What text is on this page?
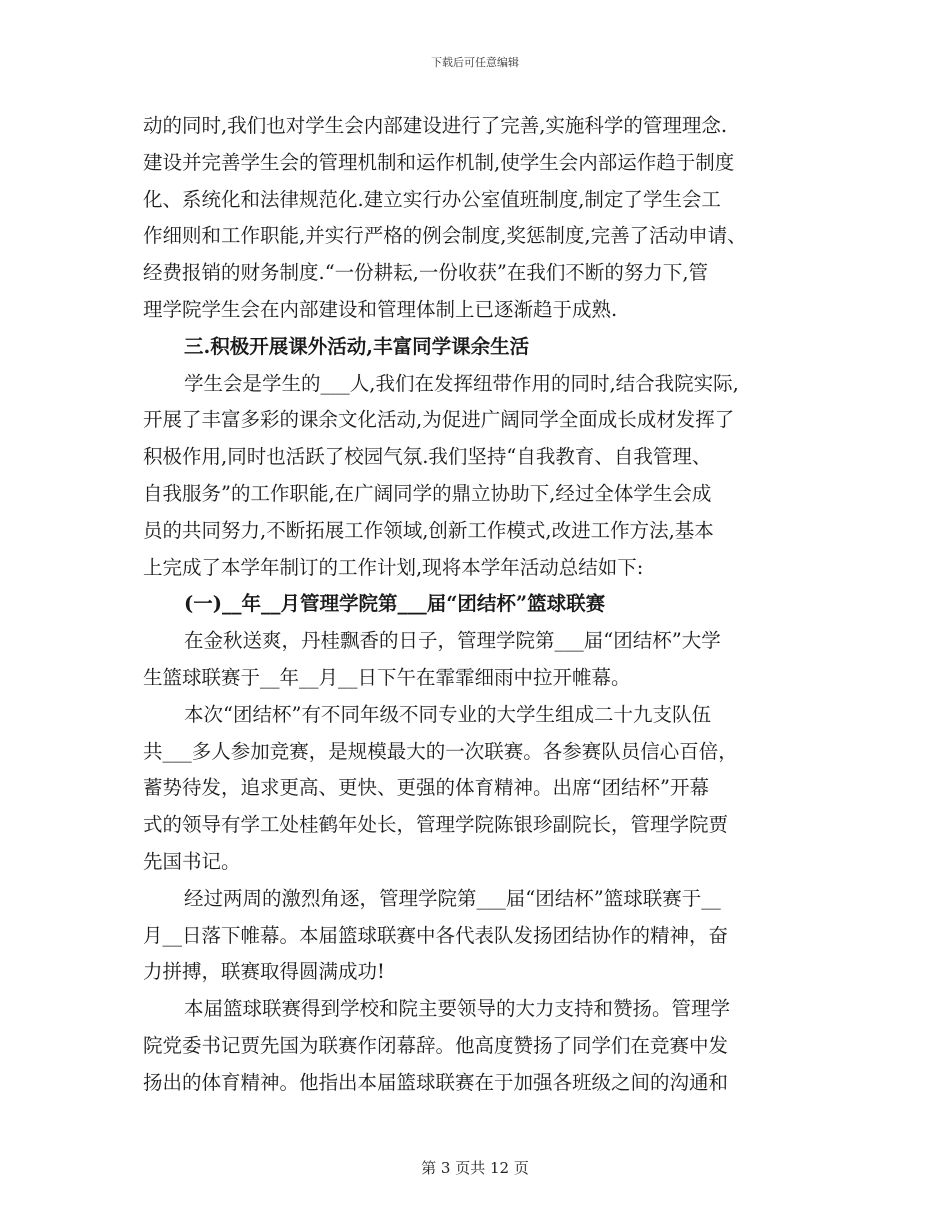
下载后可任意编辑
动的同时,我们也对学生会内部建设进行了完善,实施科学的管理理念.
建设并完善学生会的管理机制和运作机制,使学生会内部运作趋于制度
化、系统化和法律规范化.建立实行办公室值班制度,制定了学生会工
作细则和工作职能,并实行严格的例会制度,奖惩制度,完善了活动申请、
经费报销的财务制度.“一份耕耘,一份收获”在我们不断的努力下,管
理学院学生会在内部建设和管理体制上已逐渐趋于成熟.
三.积极开展课外活动,丰富同学课余生活
学生会是学生的___人,我们在发挥纽带作用的同时,结合我院实际,
开展了丰富多彩的课余文化活动,为促进广阔同学全面成长成材发挥了
积极作用,同时也活跃了校园气氛.我们坚持“自我教育、自我管理、
自我服务”的工作职能,在广阔同学的鼎立协助下,经过全体学生会成
员的共同努力,不断拓展工作领域,创新工作模式,改进工作方法,基本
上完成了本学年制订的工作计划,现将本学年活动总结如下:
(一)__年__月管理学院第___届“团结杯”篮球联赛
在金秋送爽，丹桂飘香的日子，管理学院第___届“团结杯”大学
生篮球联赛于__年__月__日下午在霏霏细雨中拉开帷幕。
本次“团结杯”有不同年级不同专业的大学生组成二十九支队伍
共___多人参加竞赛，是规模最大的一次联赛。各参赛队员信心百倍，
蓄势待发，追求更高、更快、更强的体育精神。出席“团结杯”开幕
式的领导有学工处桂鹤年处长，管理学院陈银珍副院长，管理学院贾
先国书记。
经过两周的激烈角逐，管理学院第___届“团结杯”篮球联赛于__
月__日落下帷幕。本届篮球联赛中各代表队发扬团结协作的精神，奋
力拼搏，联赛取得圆满成功!
本届篮球联赛得到学校和院主要领导的大力支持和赞扬。管理学
院党委书记贾先国为联赛作闭幕辞。他高度赞扬了同学们在竞赛中发
扬出的体育精神。他指出本届篮球联赛在于加强各班级之间的沟通和
第 3 页共 12 页
